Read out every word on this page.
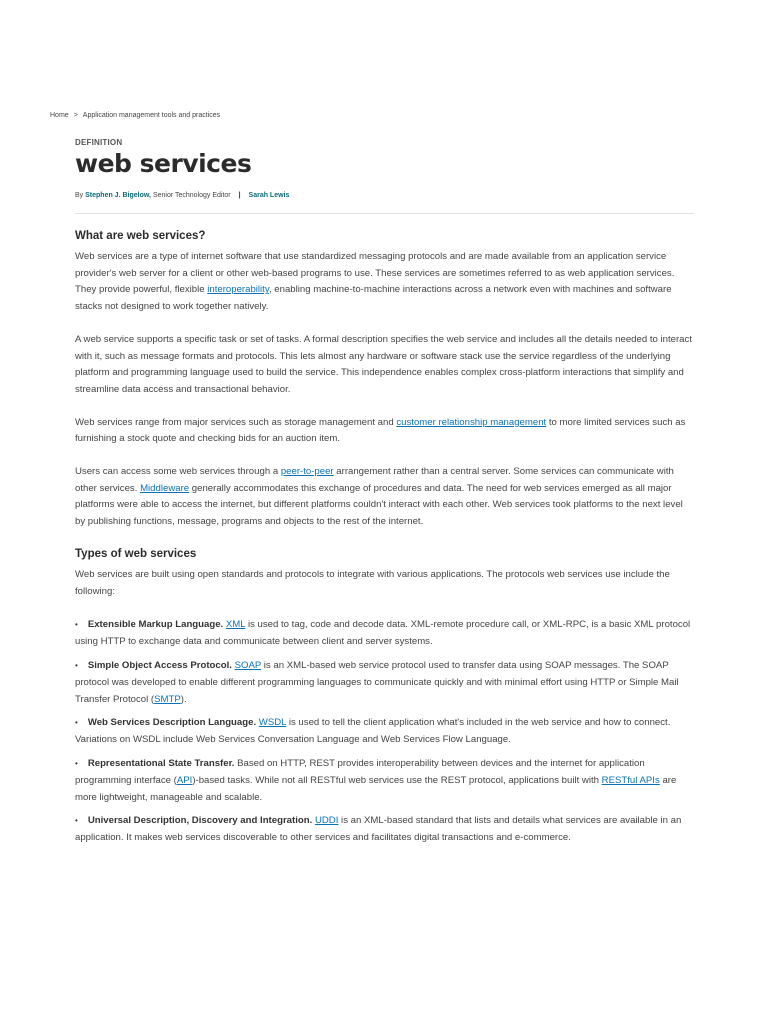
Home > Application management tools and practices
DEFINITION
web services
By Stephen J. Bigelow, Senior Technology Editor | Sarah Lewis
What are web services?

Web services are a type of internet software that use standardized messaging protocols and are made available from an application service provider's web server for a client or other web-based programs to use. These services are sometimes referred to as web application services. They provide powerful, flexible interoperability, enabling machine-to-machine interactions across a network even with machines and software stacks not designed to work together natively.

A web service supports a specific task or set of tasks. A formal description specifies the web service and includes all the details needed to interact with it, such as message formats and protocols. This lets almost any hardware or software stack use the service regardless of the underlying platform and programming language used to build the service. This independence enables complex cross-platform interactions that simplify and streamline data access and transactional behavior.

Web services range from major services such as storage management and customer relationship management to more limited services such as furnishing a stock quote and checking bids for an auction item.

Users can access some web services through a peer-to-peer arrangement rather than a central server. Some services can communicate with other services. Middleware generally accommodates this exchange of procedures and data. The need for web services emerged as all major platforms were able to access the internet, but different platforms couldn't interact with each other. Web services took platforms to the next level by publishing functions, message, programs and objects to the rest of the internet.

Types of web services

Web services are built using open standards and protocols to integrate with various applications. The protocols web services use include the following:

• Extensible Markup Language. XML is used to tag, code and decode data. XML-remote procedure call, or XML-RPC, is a basic XML protocol using HTTP to exchange data and communicate between client and server systems.
• Simple Object Access Protocol. SOAP is an XML-based web service protocol used to transfer data using SOAP messages. The SOAP protocol was developed to enable different programming languages to communicate quickly and with minimal effort using HTTP or Simple Mail Transfer Protocol (SMTP).
• Web Services Description Language. WSDL is used to tell the client application what's included in the web service and how to connect. Variations on WSDL include Web Services Conversation Language and Web Services Flow Language.
• Representational State Transfer. Based on HTTP, REST provides interoperability between devices and the internet for application programming interface (API)-based tasks. While not all RESTful web services use the REST protocol, applications built with RESTful APIs are more lightweight, manageable and scalable.
• Universal Description, Discovery and Integration. UDDI is an XML-based standard that lists and details what services are available in an application. It makes web services discoverable to other services and facilitates digital transactions and e-commerce.
